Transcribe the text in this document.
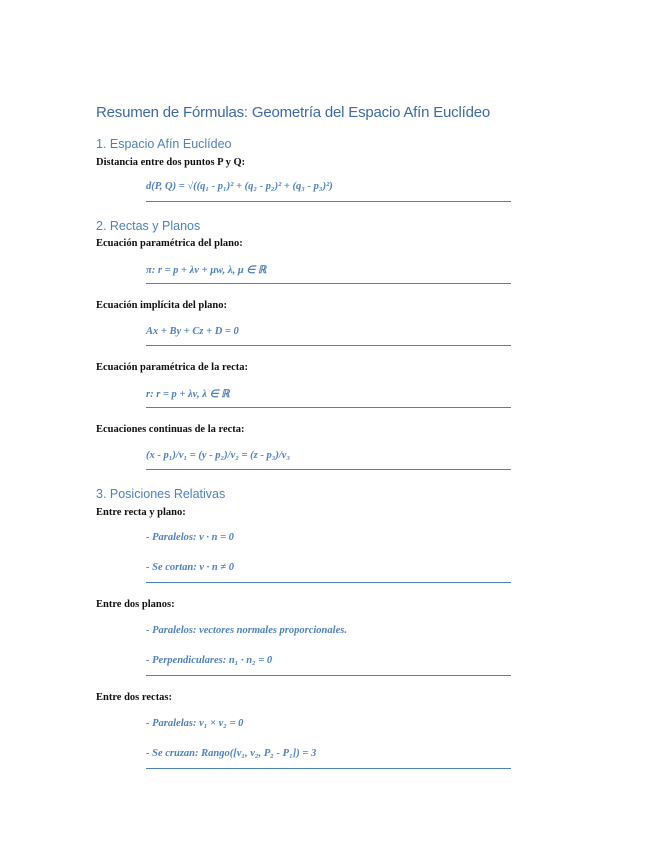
Resumen de Fórmulas: Geometría del Espacio Afín Euclídeo
1. Espacio Afín Euclídeo
Distancia entre dos puntos P y Q:
d(P, Q) = √((q₁ - p₁)² + (q₂ - p₂)² + (q₃ - p₃)²)
2. Rectas y Planos
Ecuación paramétrica del plano:
π: r = p + λv + μw, λ, μ ∈ ℝ
Ecuación implícita del plano:
Ax + By + Cz + D = 0
Ecuación paramétrica de la recta:
r: r = p + λv, λ ∈ ℝ
Ecuaciones continuas de la recta:
(x - p₁)/v₁ = (y - p₂)/v₂ = (z - p₃)/v₃
3. Posiciones Relativas
Entre recta y plano:
- Paralelos: v · n = 0
- Se cortan: v · n ≠ 0
Entre dos planos:
- Paralelos: vectores normales proporcionales.
- Perpendiculares: n₁ · n₂ = 0
Entre dos rectas:
- Paralelas: v₁ × v₂ = 0
- Se cruzan: Rango([v₁, v₂, P₂ - P₁]) = 3
